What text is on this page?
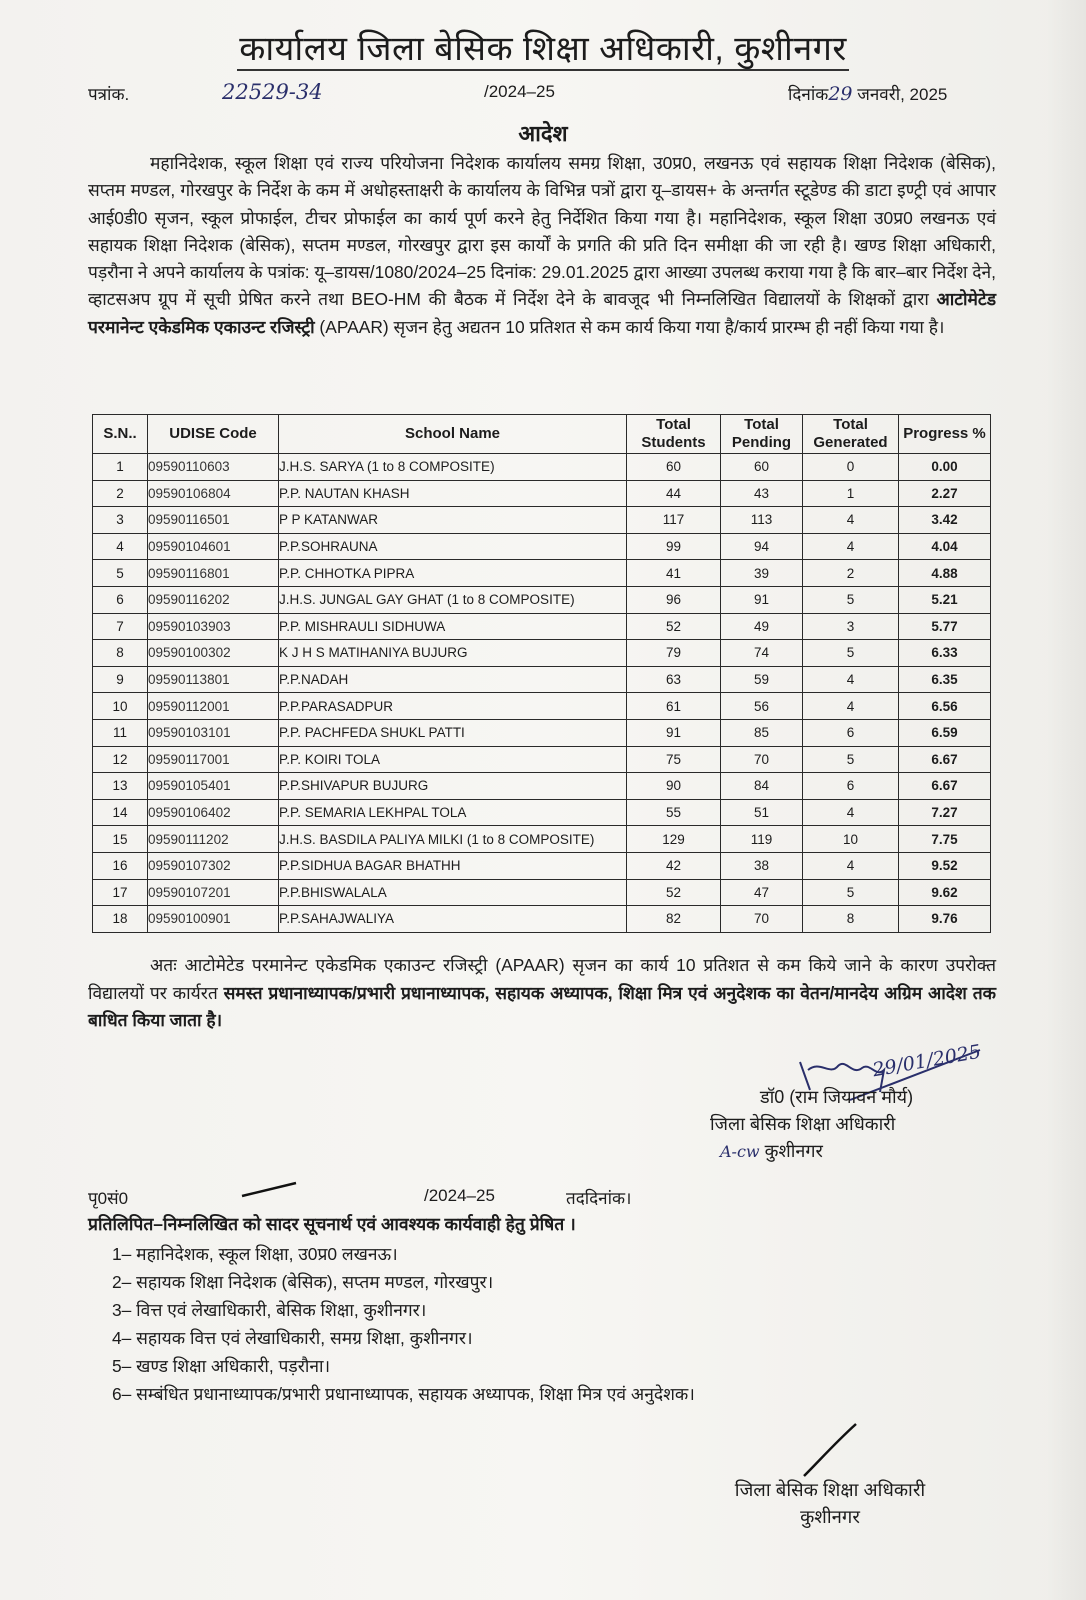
कार्यालय जिला बेसिक शिक्षा अधिकारी, कुशीनगर
पत्रांक.	22529-34	/2024–25	दिनांक29 जनवरी, 2025
आदेश
महानिदेशक, स्कूल शिक्षा एवं राज्य परियोजना निदेशक कार्यालय समग्र शिक्षा, उ0प्र0, लखनऊ एवं सहायक शिक्षा निदेशक (बेसिक), सप्तम मण्डल, गोरखपुर के निर्देश के कम में अधोहस्ताक्षरी के कार्यालय के विभिन्न पत्रों द्वारा यू–डायस+ के अन्तर्गत स्टूडेण्ड की डाटा इण्ट्री एवं आपार आई0डी0 सृजन, स्कूल प्रोफाईल, टीचर प्रोफाईल का कार्य पूर्ण करने हेतु निर्देशित किया गया है। महानिदेशक, स्कूल शिक्षा उ0प्र0 लखनऊ एवं सहायक शिक्षा निदेशक (बेसिक), सप्तम मण्डल, गोरखपुर द्वारा इस कार्यों के प्रगति की प्रति दिन समीक्षा की जा रही है। खण्ड शिक्षा अधिकारी, पड़रौना ने अपने कार्यालय के पत्रांक: यू–डायस/1080/2024–25 दिनांक: 29.01.2025 द्वारा आख्या उपलब्ध कराया गया है कि बार–बार निर्देश देने, व्हाटसअप ग्रूप में सूची प्रेषित करने तथा BEO-HM की बैठक में निर्देश देने के बावजूद भी निम्नलिखित विद्यालयों के शिक्षकों द्वारा आटोमेटेड परमानेन्ट एकेडमिक एकाउन्ट रजिस्ट्री (APAAR) सृजन हेतु अद्यतन 10 प्रतिशत से कम कार्य किया गया है/कार्य प्रारम्भ ही नहीं किया गया है।
S.N..	UDISE Code	School Name	Total Students	Total Pending	Total Generated	Progress %
1	09590110603	J.H.S. SARYA (1 to 8 COMPOSITE)	60	60	0	0.00
2	09590106804	P.P. NAUTAN KHASH	44	43	1	2.27
3	09590116501	P P KATANWAR	117	113	4	3.42
4	09590104601	P.P.SOHRAUNA	99	94	4	4.04
5	09590116801	P.P. CHHOTKA PIPRA	41	39	2	4.88
6	09590116202	J.H.S. JUNGAL GAY GHAT (1 to 8 COMPOSITE)	96	91	5	5.21
7	09590103903	P.P. MISHRAULI SIDHUWA	52	49	3	5.77
8	09590100302	K J H S MATIHANIYA BUJURG	79	74	5	6.33
9	09590113801	P.P.NADAH	63	59	4	6.35
10	09590112001	P.P.PARASADPUR	61	56	4	6.56
11	09590103101	P.P. PACHFEDA SHUKL PATTI	91	85	6	6.59
12	09590117001	P.P. KOIRI TOLA	75	70	5	6.67
13	09590105401	P.P.SHIVAPUR BUJURG	90	84	6	6.67
14	09590106402	P.P. SEMARIA LEKHPAL TOLA	55	51	4	7.27
15	09590111202	J.H.S. BASDILA PALIYA MILKI (1 to 8 COMPOSITE)	129	119	10	7.75
16	09590107302	P.P.SIDHUA BAGAR BHATHH	42	38	4	9.52
17	09590107201	P.P.BHISWALALA	52	47	5	9.62
18	09590100901	P.P.SAHAJWALIYA	82	70	8	9.76
अतः आटोमेटेड परमानेन्ट एकेडमिक एकाउन्ट रजिस्ट्री (APAAR) सृजन का कार्य 10 प्रतिशत से कम किये जाने के कारण उपरोक्त विद्यालयों पर कार्यरत समस्त प्रधानाध्यापक/प्रभारी प्रधानाध्यापक, सहायक अध्यापक, शिक्षा मित्र एवं अनुदेशक का वेतन/मानदेय अग्रिम आदेश तक बाधित किया जाता है।
29/01/2025
डॉ0 (राम जियावन मौर्य)
जिला बेसिक शिक्षा अधिकारी
A-cw कुशीनगर
पृ0सं0	/2024–25	तददिनांक।
प्रतिलिपित–निम्नलिखित को सादर सूचनार्थ एवं आवश्यक कार्यवाही हेतु प्रेषित ।
1– महानिदेशक, स्कूल शिक्षा, उ0प्र0 लखनऊ।
2– सहायक शिक्षा निदेशक (बेसिक), सप्तम मण्डल, गोरखपुर।
3– वित्त एवं लेखाधिकारी, बेसिक शिक्षा, कुशीनगर।
4– सहायक वित्त एवं लेखाधिकारी, समग्र शिक्षा, कुशीनगर।
5– खण्ड शिक्षा अधिकारी, पड़रौना।
6– सम्बंधित प्रधानाध्यापक/प्रभारी प्रधानाध्यापक, सहायक अध्यापक, शिक्षा मित्र एवं अनुदेशक।
जिला बेसिक शिक्षा अधिकारी
कुशीनगर
